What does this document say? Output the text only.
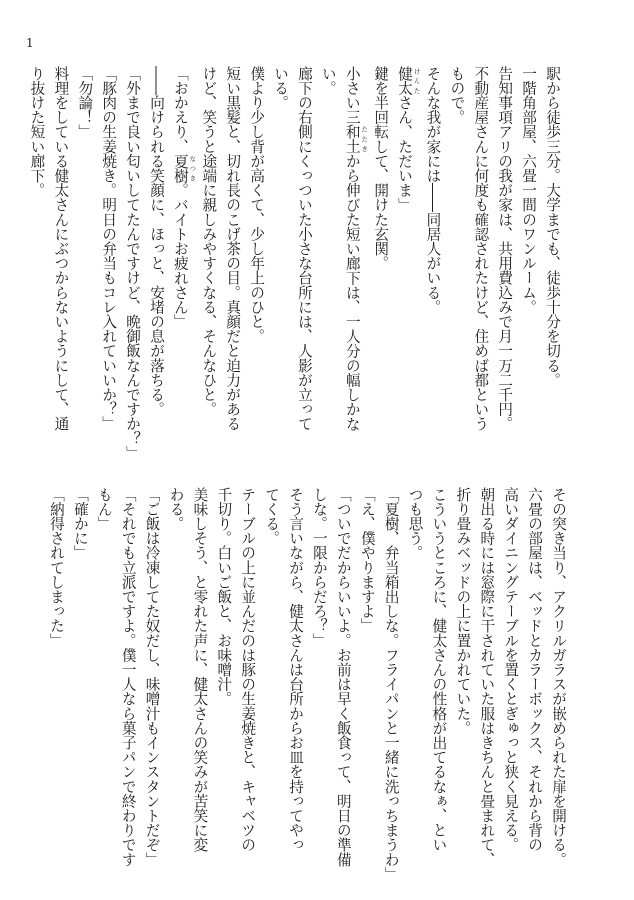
1

駅から徒歩三分。大学までも、徒歩十分を切る。

一階角部屋、六畳一間のワンルーム。

告知事項アリの我が家は、共用費込みで月一万二千円。

不動産屋さんに何度も確認されたけど、住めば都という

もので。

そんな我が家には――同居人がいる。

健太 けんたさん、ただいま」

鍵を半回転して、開けた玄関。

小さい三和土 たたきから伸びた短い廊下は、一人分の幅しかな

い。

廊下の右側にくっついた小さな台所には、人影が立って

いる。

僕より少し背が高くて、少し年上のひと。

短い黒髪と、切れ長のこげ茶の目。真顔だと迫力がある

けど、笑うと途端に親しみやすくなる、そんなひと。

「おかえり、夏樹 なつき。バイトお疲れさん」

――向けられる笑顔に、ほっと、安堵の息が落ちる。

「外まで良い匂いしてたんですけど、晩御飯なんですか？」

「豚肉の生姜焼き。明日の弁当もコレ入れていいか？」

「勿論！」

料理をしている健太さんにぶつからないようにして、通

り抜けた短い廊下。

その突き当り、アクリルガラスが嵌められた扉を開ける。

六畳の部屋は、ベッドとカラーボックス、それから背の

高いダイニングテーブルを置くとぎゅっと狭く見える。

朝出る時には窓際に干されていた服はきちんと畳まれて、

折り畳みベッドの上に置かれていた。

こういうところに、健太さんの性格が出てるなぁ、とい

つも思う。

「夏樹、弁当箱出しな。フライパンと一緒に洗っちまうわ」

「え、僕やりますよ」

「ついでだからいいよ。お前は早く飯食って、明日の準備

しな。一限からだろ？」

そう言いながら、健太さんは台所からお皿を持ってやっ

てくる。

テーブルの上に並んだのは豚の生姜焼きと、キャベツの

千切り。白いご飯と、お味噌汁。

美味しそう、と零れた声に、健太さんの笑みが苦笑に変

わる。

「ご飯は冷凍してた奴だし、味噌汁もインスタントだぞ」

「それでも立派ですよ。僕一人なら菓子パンで終わりです

もん」

「確かに」

「納得されてしまった」
